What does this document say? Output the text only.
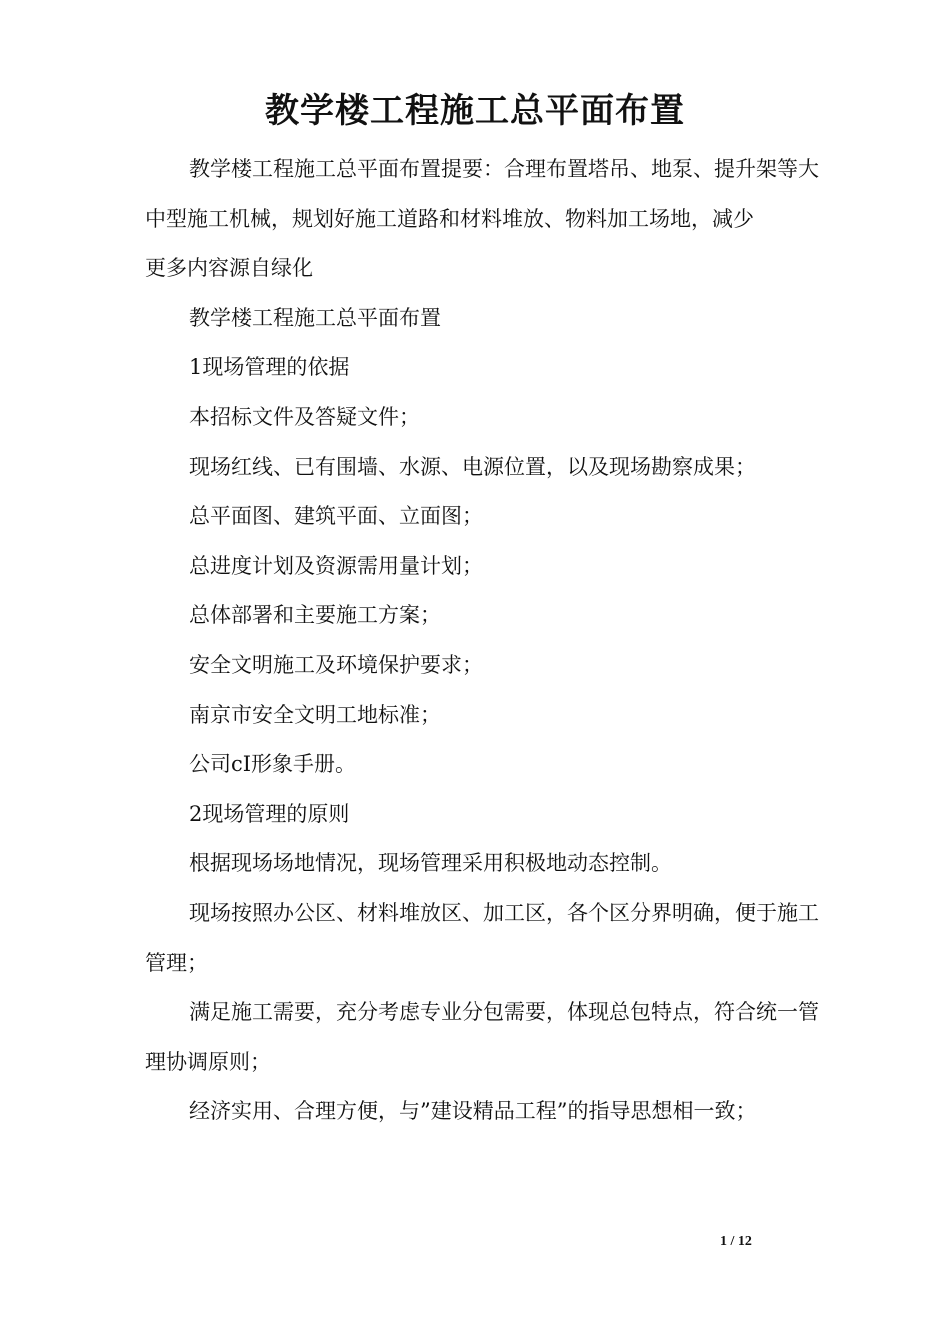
教学楼工程施工总平面布置

教学楼工程施工总平面布置提要：合理布置塔吊、地泵、提升架等大中型施工机械，规划好施工道路和材料堆放、物料加工场地，减少

更多内容源自绿化

教学楼工程施工总平面布置

1现场管理的依据

本招标文件及答疑文件；

现场红线、已有围墙、水源、电源位置，以及现场勘察成果；

总平面图、建筑平面、立面图；

总进度计划及资源需用量计划；

总体部署和主要施工方案；

安全文明施工及环境保护要求；

南京市安全文明工地标准；

公司cI形象手册。

2现场管理的原则

根据现场场地情况，现场管理采用积极地动态控制。

现场按照办公区、材料堆放区、加工区，各个区分界明确，便于施工管理；

满足施工需要，充分考虑专业分包需要，体现总包特点，符合统一管理协调原则；

经济实用、合理方便，与”建设精品工程”的指导思想相一致；

1 / 12
